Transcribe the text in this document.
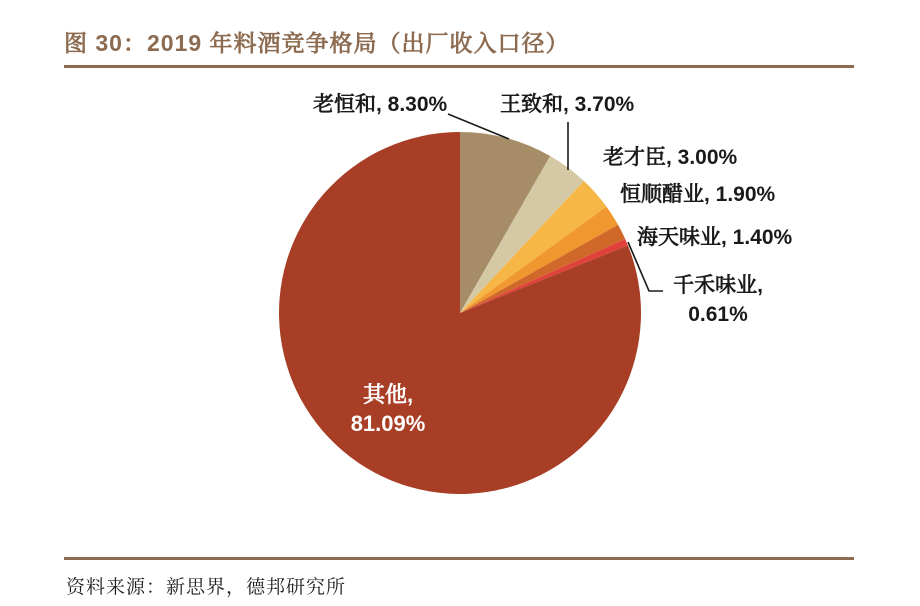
图 30：2019 年料酒竞争格局（出厂收入口径）
老恒和, 8.30%	王致和, 3.70%
老才臣, 3.00%
恒顺醋业, 1.90%
海天味业, 1.40%
千禾味业,
0.61%
其他,
81.09%
资料来源：新思界，德邦研究所
